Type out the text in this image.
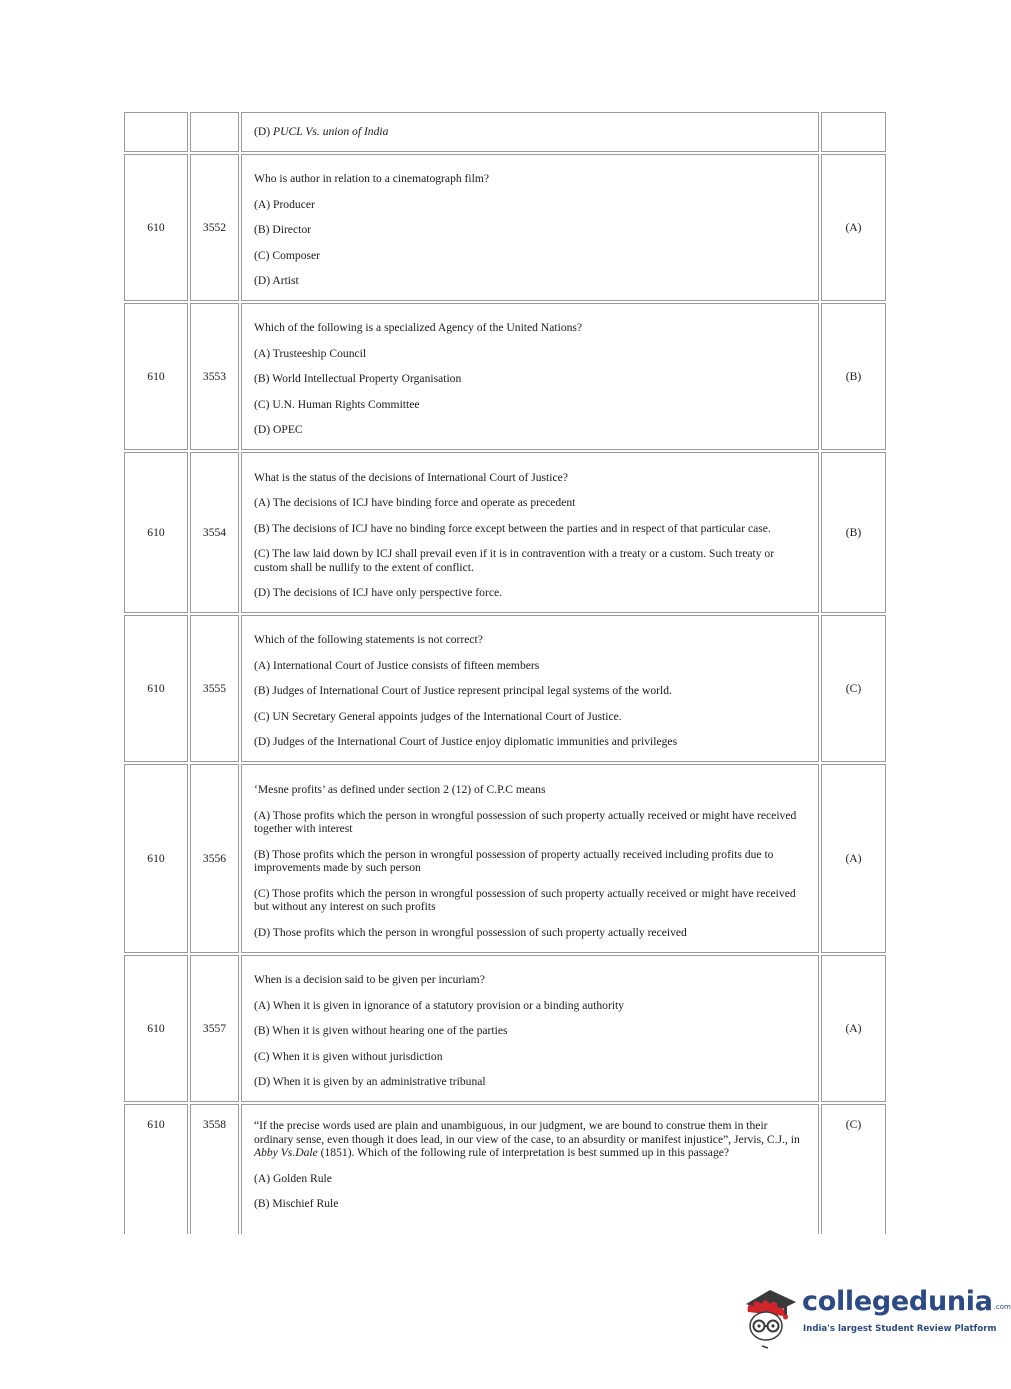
		(D) PUCL Vs. union of India	
610	3552	Who is author in relation to a cinematograph film?

(A) Producer

(B) Director

(C) Composer

(D) Artist	(A)
610	3553	Which of the following is a specialized Agency of the United Nations?

(A) Trusteeship Council

(B) World Intellectual Property Organisation

(C) U.N. Human Rights Committee

(D) OPEC	(B)
610	3554	What is the status of the decisions of International Court of Justice?

(A) The decisions of ICJ have binding force and operate as precedent

(B) The decisions of ICJ have no binding force except between the parties and in respect of that particular case.

(C) The law laid down by ICJ shall prevail even if it is in contravention with a treaty or a custom. Such treaty or custom shall be nullify to the extent of conflict.

(D) The decisions of ICJ have only perspective force.	(B)
610	3555	Which of the following statements is not correct?

(A) International Court of Justice consists of fifteen members

(B) Judges of International Court of Justice represent principal legal systems of the world.

(C) UN Secretary General appoints judges of the International Court of Justice.

(D) Judges of the International Court of Justice enjoy diplomatic immunities and privileges	(C)
610	3556	‘Mesne profits’ as defined under section 2 (12) of C.P.C means

(A) Those profits which the person in wrongful possession of such property actually received or might have received together with interest

(B) Those profits which the person in wrongful possession of property actually received including profits due to improvements made by such person

(C) Those profits which the person in wrongful possession of such property actually received or might have received but without any interest on such profits

(D) Those profits which the person in wrongful possession of such property actually received	(A)
610	3557	When is a decision said to be given per incuriam?

(A) When it is given in ignorance of a statutory provision or a binding authority

(B) When it is given without hearing one of the parties

(C) When it is given without jurisdiction

(D) When it is given by an administrative tribunal	(A)
610	3558	“If the precise words used are plain and unambiguous, in our judgment, we are bound to construe them in their ordinary sense, even though it does lead, in our view of the case, to an absurdity or manifest injustice”, Jervis, C.J., in Abby Vs.Dale (1851). Which of the following rule of interpretation is best summed up in this passage?

(A) Golden Rule

(B) Mischief Rule	(C)
collegedunia.com
India's largest Student Review Platform
